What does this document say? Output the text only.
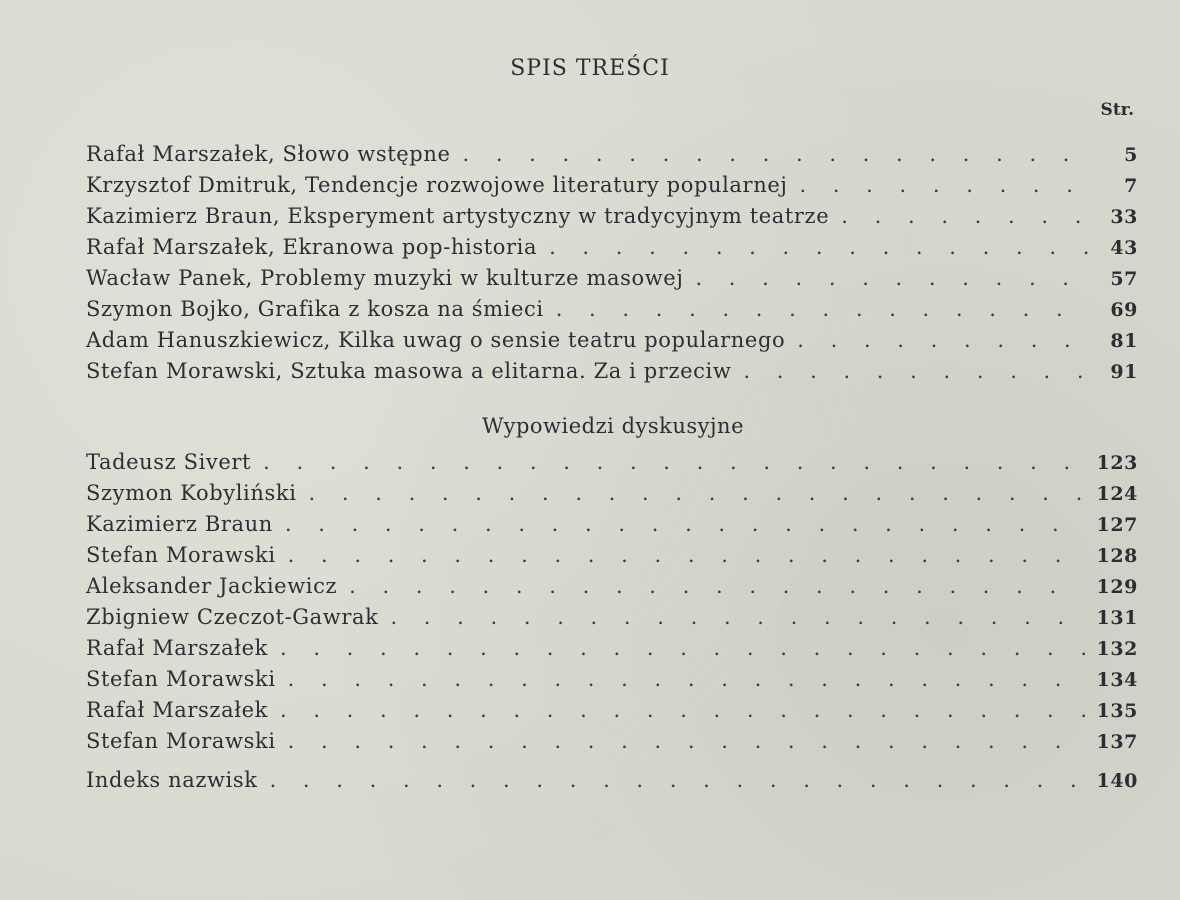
SPIS TREŚCI
Str.
Rafał Marszałek, Słowo wstępne . . .	5
Krzysztof Dmitruk, Tendencje rozwojowe literatury popularnej . . .	7
Kazimierz Braun, Eksperyment artystyczny w tradycyjnym teatrze . . .	33
Rafał Marszałek, Ekranowa pop-historia . . .	43
Wacław Panek, Problemy muzyki w kulturze masowej . . .	57
Szymon Bojko, Grafika z kosza na śmieci . . .	69
Adam Hanuszkiewicz, Kilka uwag o sensie teatru popularnego . . .	81
Stefan Morawski, Sztuka masowa a elitarna. Za i przeciw . . .	91
Wypowiedzi dyskusyjne
Tadeusz Sivert . . .	123
Szymon Kobyliński . . .	124
Kazimierz Braun . . .	127
Stefan Morawski . . .	128
Aleksander Jackiewicz . . .	129
Zbigniew Czeczot-Gawrak . . .	131
Rafał Marszałek . . .	132
Stefan Morawski . . .	134
Rafał Marszałek . . .	135
Stefan Morawski . . .	137
Indeks nazwisk . . .	140
